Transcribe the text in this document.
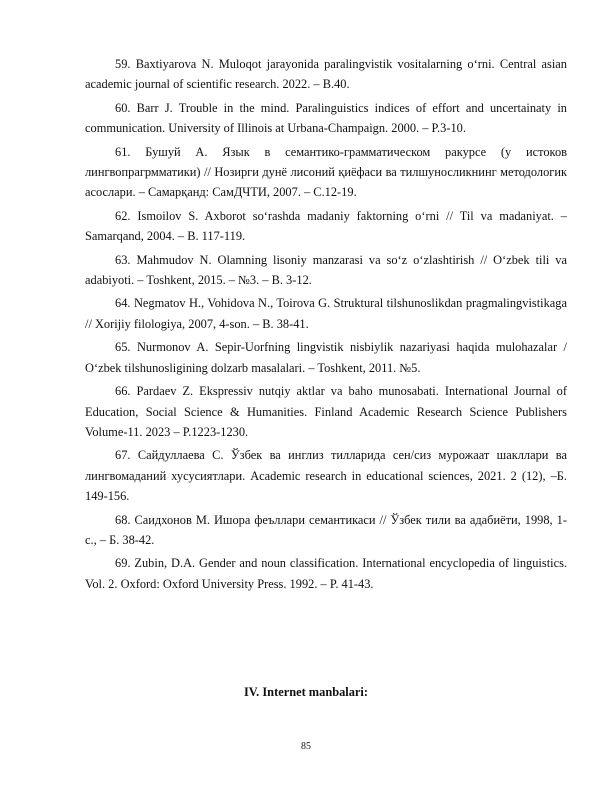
59. Baxtiyarova N. Muloqot jarayonida paralingvistik vositalarning o‘rni. Central asian academic journal of scientific research. 2022. – B.40.
60. Barr J. Trouble in the mind. Paralinguistics indices of effort and uncertainaty in communication. University of Illinois at Urbana-Champaign. 2000. – P.3-10.
61. Бушуй А. Язык в семантико-грамматическом ракурсе (у истоков лингвопрагрмматики) // Нозирги дунё лисоний қиёфаси ва тилшуносликнинг методологик асослари. – Самарқанд: СамДЧТИ, 2007. – С.12-19.
62. Ismoilov S. Axborot so‘rashda madaniy faktorning o‘rni // Til va madaniyat. – Samarqand, 2004. – B. 117-119.
63. Mahmudov N. Olamning lisoniy manzarasi va so‘z o‘zlashtirish // O‘zbek tili va adabiyoti. – Toshkent, 2015. – №3. – B. 3-12.
64. Negmatov H., Vohidova N., Toirova G. Struktural tilshunoslikdan pragmalingvistikaga // Xorijiy filologiya, 2007, 4-son. – B. 38-41.
65. Nurmonov A. Sepir-Uorfning lingvistik nisbiylik nazariyasi haqida mulohazalar / O‘zbek tilshunosligining dolzarb masalalari. – Toshkent, 2011. №5.
66. Pardaev Z. Ekspressiv nutqiy aktlar va baho munosabati. International Journal of Education, Social Science & Humanities. Finland Academic Research Science Publishers Volume-11. 2023 – P.1223-1230.
67. Сайдуллаева С. Ўзбек ва инглиз тилларида сен/сиз мурожаат шакллари ва лингвомаданий хусусиятлари. Academic research in educational sciences, 2021. 2 (12), –Б. 149-156.
68. Саидхонов М. Ишора феъллари семантикаси // Ўзбек тили ва адабиёти, 1998, 1-с., – Б. 38-42.
69. Zubin, D.A. Gender and noun classification. International encyclopedia of linguistics. Vol. 2. Oxford: Oxford University Press. 1992. – P. 41-43.
IV. Internet manbalari:
85
